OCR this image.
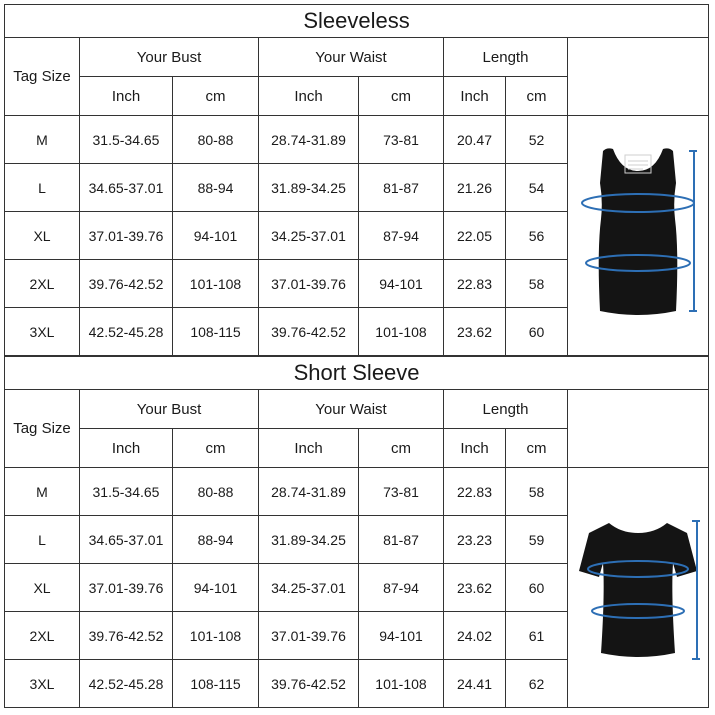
Sleeveless							
Tag Size	Your Bust		Your Waist		Length		
	Inch	cm	Inch	cm	Inch	cm	
M	31.5-34.65	80-88	28.74-31.89	73-81	20.47	52	

L	34.65-37.01	88-94	31.89-34.25	81-87	21.26	54	
XL	37.01-39.76	94-101	34.25-37.01	87-94	22.05	56	
2XL	39.76-42.52	101-108	37.01-39.76	94-101	22.83	58	
3XL	42.52-45.28	108-115	39.76-42.52	101-108	23.62	60	
Short Sleeve							
Tag Size	Your Bust		Your Waist		Length		
	Inch	cm	Inch	cm	Inch	cm	
M	31.5-34.65	80-88	28.74-31.89	73-81	22.83	58	

L	34.65-37.01	88-94	31.89-34.25	81-87	23.23	59	
XL	37.01-39.76	94-101	34.25-37.01	87-94	23.62	60	
2XL	39.76-42.52	101-108	37.01-39.76	94-101	24.02	61	
3XL	42.52-45.28	108-115	39.76-42.52	101-108	24.41	62	
